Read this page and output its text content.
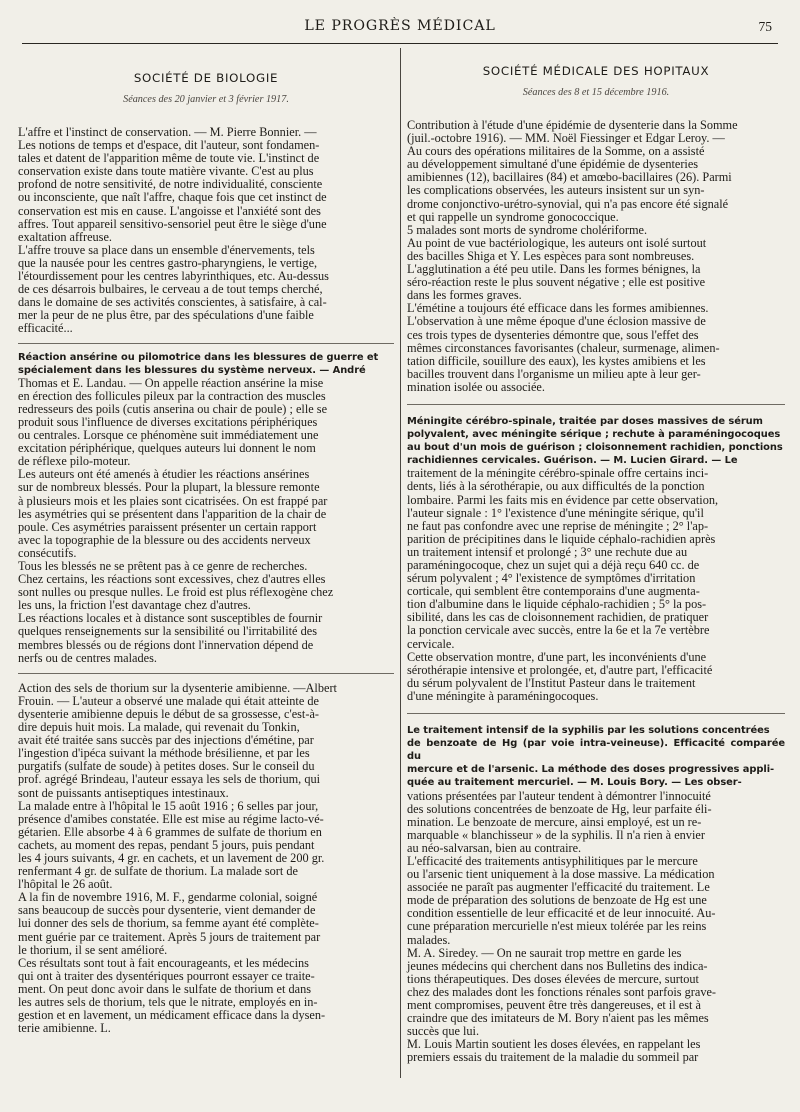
LE PROGRÈS MÉDICAL	75
SOCIÉTÉ DE BIOLOGIE
Séances des 20 janvier et 3 février 1917.
L'affre et l'instinct de conservation. — M. Pierre Bonnier. —
Les notions de temps et d'espace, dit l'auteur, sont fondamen-
tales et datent de l'apparition même de toute vie. L'instinct de
conservation existe dans toute matière vivante. C'est au plus
profond de notre sensitivité, de notre individualité, consciente
ou inconsciente, que naît l'affre, chaque fois que cet instinct de
conservation est mis en cause. L'angoisse et l'anxiété sont des
affres. Tout appareil sensitivo-sensoriel peut être le siège d'une
exaltation affreuse.
L'affre trouve sa place dans un ensemble d'énervements, tels
que la nausée pour les centres gastro-pharyngiens, le vertige,
l'étourdissement pour les centres labyrinthiques, etc. Au-dessus
de ces désarrois bulbaires, le cerveau a de tout temps cherché,
dans le domaine de ses activités conscientes, à satisfaire, à cal-
mer la peur de ne plus être, par des spéculations d'une faible
efficacité...
Réaction ansérine ou pilomotrice dans les blessures de guerre et
spécialement dans les blessures du système nerveux. — André
Thomas et E. Landau. — On appelle réaction ansérine la mise
en érection des follicules pileux par la contraction des muscles
redresseurs des poils (cutis anserina ou chair de poule) ; elle se
produit sous l'influence de diverses excitations périphériques
ou centrales. Lorsque ce phénomène suit immédiatement une
excitation périphérique, quelques auteurs lui donnent le nom
de réflexe pilo-moteur.
Les auteurs ont été amenés à étudier les réactions ansérines
sur de nombreux blessés. Pour la plupart, la blessure remonte
à plusieurs mois et les plaies sont cicatrisées. On est frappé par
les asymétries qui se présentent dans l'apparition de la chair de
poule. Ces asymétries paraissent présenter un certain rapport
avec la topographie de la blessure ou des accidents nerveux
consécutifs.
Tous les blessés ne se prêtent pas à ce genre de recherches.
Chez certains, les réactions sont excessives, chez d'autres elles
sont nulles ou presque nulles. Le froid est plus réflexogène chez
les uns, la friction l'est davantage chez d'autres.
Les réactions locales et à distance sont susceptibles de fournir
quelques renseignements sur la sensibilité ou l'irritabilité des
membres blessés ou de régions dont l'innervation dépend de
nerfs ou de centres malades.
Action des sels de thorium sur la dysenterie amibienne. —Albert
Frouin. — L'auteur a observé une malade qui était atteinte de
dysenterie amibienne depuis le début de sa grossesse, c'est-à-
dire depuis huit mois. La malade, qui revenait du Tonkin,
avait été traitée sans succès par des injections d'émétine, par
l'ingestion d'ipéca suivant la méthode brésilienne, et par les
purgatifs (sulfate de soude) à petites doses. Sur le conseil du
prof. agrégé Brindeau, l'auteur essaya les sels de thorium, qui
sont de puissants antiseptiques intestinaux.
La malade entre à l'hôpital le 15 août 1916 ; 6 selles par jour,
présence d'amibes constatée. Elle est mise au régime lacto-vé-
gétarien. Elle absorbe 4 à 6 grammes de sulfate de thorium en
cachets, au moment des repas, pendant 5 jours, puis pendant
les 4 jours suivants, 4 gr. en cachets, et un lavement de 200 gr.
renfermant 4 gr. de sulfate de thorium. La malade sort de
l'hôpital le 26 août.
A la fin de novembre 1916, M. F., gendarme colonial, soigné
sans beaucoup de succès pour dysenterie, vient demander de
lui donner des sels de thorium, sa femme ayant été complète-
ment guérie par ce traitement. Après 5 jours de traitement par
le thorium, il se sent amélioré.
Ces résultats sont tout à fait encourageants, et les médecins
qui ont à traiter des dysentériques pourront essayer ce traite-
ment. On peut donc avoir dans le sulfate de thorium et dans
les autres sels de thorium, tels que le nitrate, employés en in-
gestion et en lavement, un médicament efficace dans la dysen-
terie amibienne. L.
SOCIÉTÉ MÉDICALE DES HOPITAUX
Séances des 8 et 15 décembre 1916.
Contribution à l'étude d'une épidémie de dysenterie dans la Somme
(juil.-octobre 1916). — MM. Noël Fiessinger et Edgar Leroy. —
Au cours des opérations militaires de la Somme, on a assisté
au développement simultané d'une épidémie de dysenteries
amibiennes (12), bacillaires (84) et amœbo-bacillaires (26). Parmi
les complications observées, les auteurs insistent sur un syn-
drome conjonctivo-urétro-synovial, qui n'a pas encore été signalé
et qui rappelle un syndrome gonococcique.
5 malades sont morts de syndrome cholériforme.
Au point de vue bactériologique, les auteurs ont isolé surtout
des bacilles Shiga et Y. Les espèces para sont nombreuses.
L'agglutination a été peu utile. Dans les formes bénignes, la
séro-réaction reste le plus souvent négative ; elle est positive
dans les formes graves.
L'émétine a toujours été efficace dans les formes amibiennes.
L'observation à une même époque d'une éclosion massive de
ces trois types de dysenteries démontre que, sous l'effet des
mêmes circonstances favorisantes (chaleur, surmenage, alimen-
tation difficile, souillure des eaux), les kystes amibiens et les
bacilles trouvent dans l'organisme un milieu apte à leur ger-
mination isolée ou associée.
Méningite cérébro-spinale, traitée par doses massives de sérum
polyvalent, avec méningite sérique ; rechute à paraméningocoques
au bout d'un mois de guérison ; cloisonnement rachidien, ponctions
rachidiennes cervicales. Guérison. — M. Lucien Girard. — Le
traitement de la méningite cérébro-spinale offre certains inci-
dents, liés à la sérothérapie, ou aux difficultés de la ponction
lombaire. Parmi les faits mis en évidence par cette observation,
l'auteur signale : 1° l'existence d'une méningite sérique, qu'il
ne faut pas confondre avec une reprise de méningite ; 2° l'ap-
parition de précipitines dans le liquide céphalo-rachidien après
un traitement intensif et prolongé ; 3° une rechute due au
paraméningocoque, chez un sujet qui a déjà reçu 640 cc. de
sérum polyvalent ; 4° l'existence de symptômes d'irritation
corticale, qui semblent être contemporains d'une augmenta-
tion d'albumine dans le liquide céphalo-rachidien ; 5° la pos-
sibilité, dans les cas de cloisonnement rachidien, de pratiquer
la ponction cervicale avec succès, entre la 6e et la 7e vertèbre
cervicale.
Cette observation montre, d'une part, les inconvénients d'une
sérothérapie intensive et prolongée, et, d'autre part, l'efficacité
du sérum polyvalent de l'Institut Pasteur dans le traitement
d'une méningite à paraméningocoques.
Le traitement intensif de la syphilis par les solutions concentrées
de benzoate de Hg (par voie intra-veineuse). Efficacité comparée du
mercure et de l'arsenic. La méthode des doses progressives appli-
quée au traitement mercuriel. — M. Louis Bory. — Les obser-
vations présentées par l'auteur tendent à démontrer l'innocuité
des solutions concentrées de benzoate de Hg, leur parfaite éli-
mination. Le benzoate de mercure, ainsi employé, est un re-
marquable « blanchisseur » de la syphilis. Il n'a rien à envier
au néo-salvarsan, bien au contraire.
L'efficacité des traitements antisyphilitiques par le mercure
ou l'arsenic tient uniquement à la dose massive. La médication
associée ne paraît pas augmenter l'efficacité du traitement. Le
mode de préparation des solutions de benzoate de Hg est une
condition essentielle de leur efficacité et de leur innocuité. Au-
cune préparation mercurielle n'est mieux tolérée par les reins
malades.
M. A. Siredey. — On ne saurait trop mettre en garde les
jeunes médecins qui cherchent dans nos Bulletins des indica-
tions thérapeutiques. Des doses élevées de mercure, surtout
chez des malades dont les fonctions rénales sont parfois grave-
ment compromises, peuvent être très dangereuses, et il est à
craindre que des imitateurs de M. Bory n'aient pas les mêmes
succès que lui.
M. Louis Martin soutient les doses élevées, en rappelant les
premiers essais du traitement de la maladie du sommeil par
